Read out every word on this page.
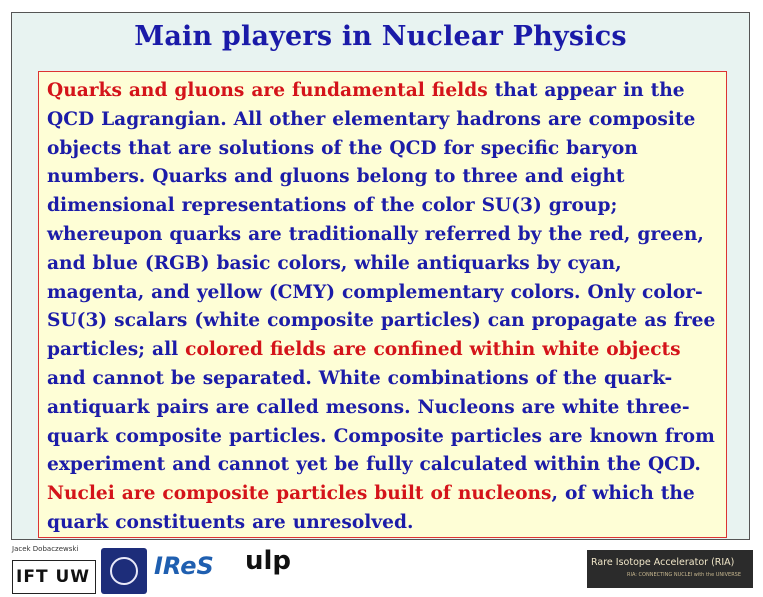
Main players in Nuclear Physics

Quarks and gluons are fundamental fields that appear in the QCD Lagrangian. All other elementary hadrons are composite objects that are solutions of the QCD for specific baryon numbers. Quarks and gluons belong to three and eight dimensional representations of the color SU(3) group; whereupon quarks are traditionally referred by the red, green, and blue (RGB) basic colors, while antiquarks by cyan, magenta, and yellow (CMY) complementary colors. Only color-SU(3) scalars (white composite particles) can propagate as free particles; all colored fields are confined within white objects and cannot be separated. White combinations of the quark-antiquark pairs are called mesons. Nucleons are white three-quark composite particles. Composite particles are known from experiment and cannot yet be fully calculated within the QCD. Nuclei are composite particles built of nucleons, of which the quark constituents are unresolved.

Jacek Dobaczewski
IFT UW	IReS ulp	Rare Isotope Accelerator (RIA)
RIA: CONNECTING NUCLEI with the UNIVERSE
